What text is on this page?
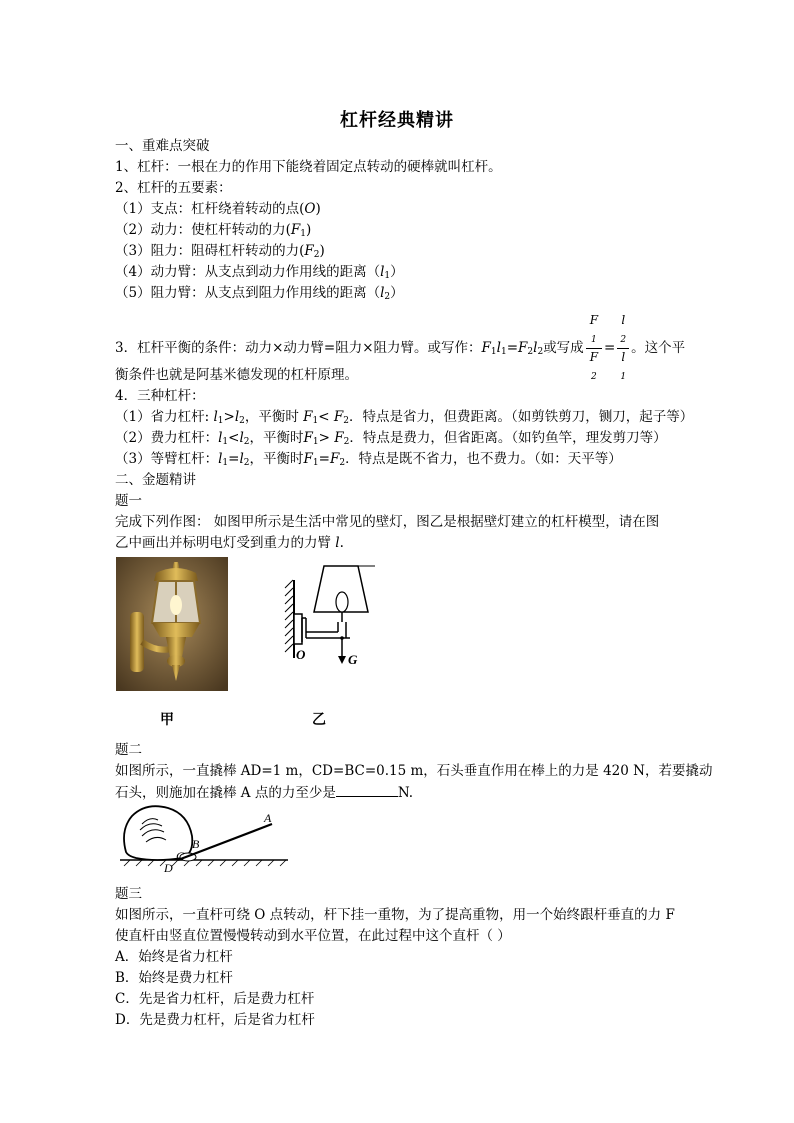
杠杆经典精讲
一、重难点突破
1、杠杆：一根在力的作用下能绕着固定点转动的硬棒就叫杠杆。
2、杠杆的五要素：
（1）支点：杠杆绕着转动的点(O)
（2）动力：使杠杆转动的力$(F_1)$
（3）阻力：阻碍杠杆转动的力$(F_2)$
（4）动力臂：从支点到动力作用线的距离$(l_1)$
（5）阻力臂：从支点到阻力作用线的距离$(l_2)$
3．杠杆平衡的条件：动力×动力臂=阻力×阻力臂。或写作：$F_1l_1=F_2l_2$或写成 F
$_1$
F
$_2$ = l
$_2$
l
$_1$ 。这个平
衡条件也就是阿基米德发现的杠杆原理。
4．三种杠杆：
（1）省力杠杆: $l_1>l_2$，平衡时 $F_1< F_2$．特点是省力，但费距离。（如剪铁剪刀，铡刀，起子等）
（2）费力杠杆：$l_1<l_2$，平衡时$F_1> F_2$．特点是费力，但省距离。（如钓鱼竿，理发剪刀等）
（3）等臂杠杆：$l_1=l_2$，平衡时$F_1=F_2$．特点是既不省力，也不费力。（如：天平等）
二、金题精讲
题一
完成下列作图： 如图甲所示是生活中常见的壁灯，图乙是根据壁灯建立的杠杆模型，请在图
乙中画出并标明电灯受到重力的力臂 l.
O	G
甲	乙
题二
如图所示，一直撬棒 AD=1 m，CD=BC=0.15 m，石头垂直作用在棒上的力是 420 N，若要撬动
石头，则施加在撬棒 A 点的力至少是	N.
A
B
C
D
题三
如图所示，一直杆可绕 O 点转动，杆下挂一重物，为了提高重物，用一个始终跟杆垂直的力 F
使直杆由竖直位置慢慢转动到水平位置，在此过程中这个直杆（ ）
A．始终是省力杠杆
B．始终是费力杠杆
C．先是省力杠杆，后是费力杠杆
D．先是费力杠杆，后是省力杠杆
